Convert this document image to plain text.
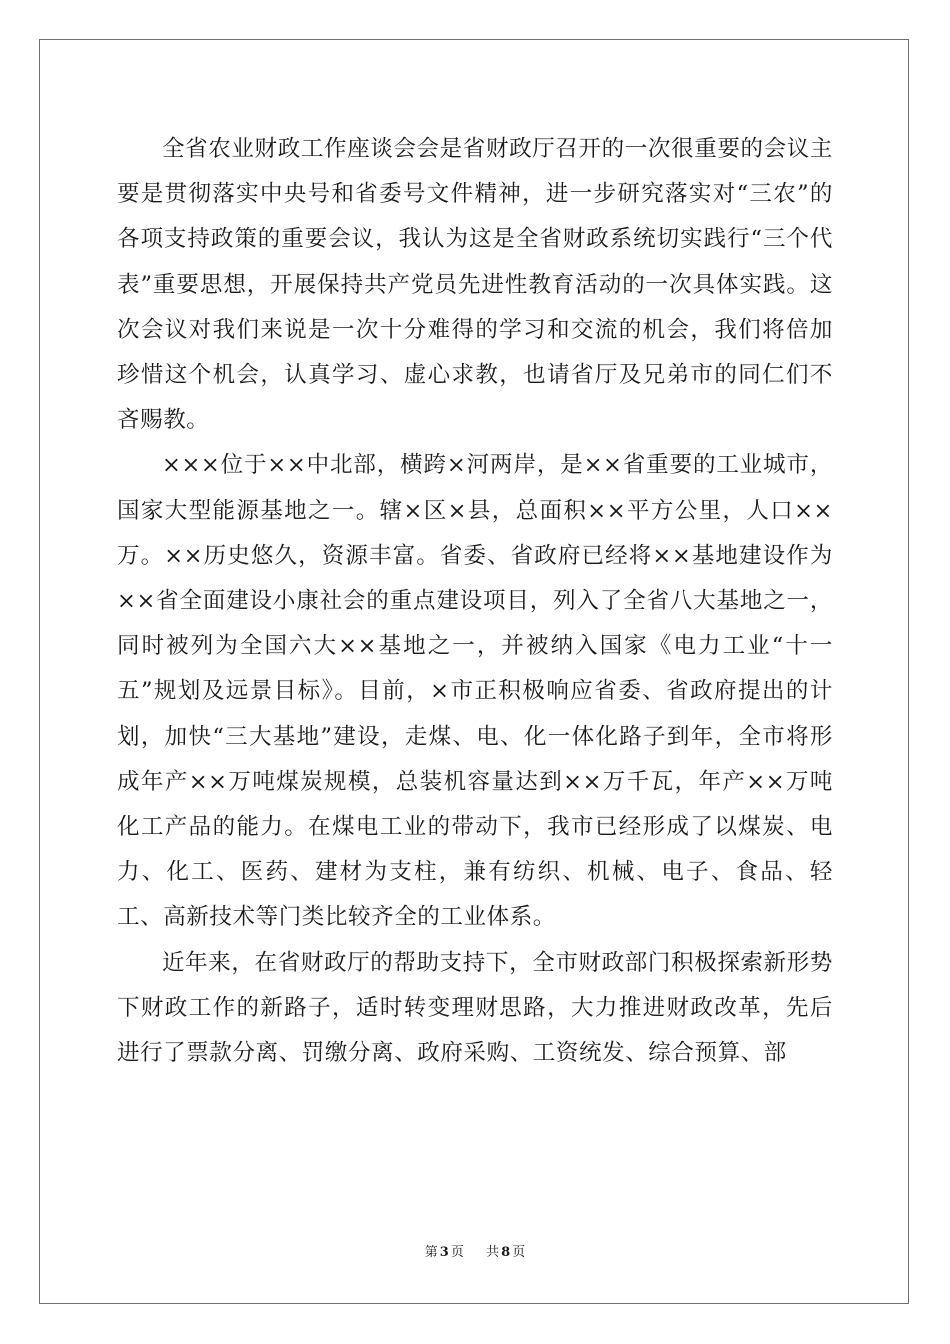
全省农业财政工作座谈会会是省财政厅召开的一次很重要的会议主要是贯彻落实中央号和省委号文件精神，进一步研究落实对“三农”的各项支持政策的重要会议，我认为这是全省财政系统切实践行“三个代表”重要思想，开展保持共产党员先进性教育活动的一次具体实践。这次会议对我们来说是一次十分难得的学习和交流的机会，我们将倍加珍惜这个机会，认真学习、虚心求教，也请省厅及兄弟市的同仁们不吝赐教。

×××位于××中北部，横跨×河两岸，是××省重要的工业城市，国家大型能源基地之一。辖×区×县，总面积××平方公里，人口××万。××历史悠久，资源丰富。省委、省政府已经将××基地建设作为××省全面建设小康社会的重点建设项目，列入了全省八大基地之一，同时被列为全国六大××基地之一，并被纳入国家《电力工业“十一五”规划及远景目标》。目前，×市正积极响应省委、省政府提出的计划，加快“三大基地”建设，走煤、电、化一体化路子到年，全市将形成年产××万吨煤炭规模，总装机容量达到××万千瓦，年产××万吨化工产品的能力。在煤电工业的带动下，我市已经形成了以煤炭、电力、化工、医药、建材为支柱，兼有纺织、机械、电子、食品、轻工、高新技术等门类比较齐全的工业体系。

近年来，在省财政厅的帮助支持下，全市财政部门积极探索新形势下财政工作的新路子，适时转变理财思路，大力推进财政改革，先后进行了票款分离、罚缴分离、政府采购、工资统发、综合预算、部

第 3 页 共 8 页
